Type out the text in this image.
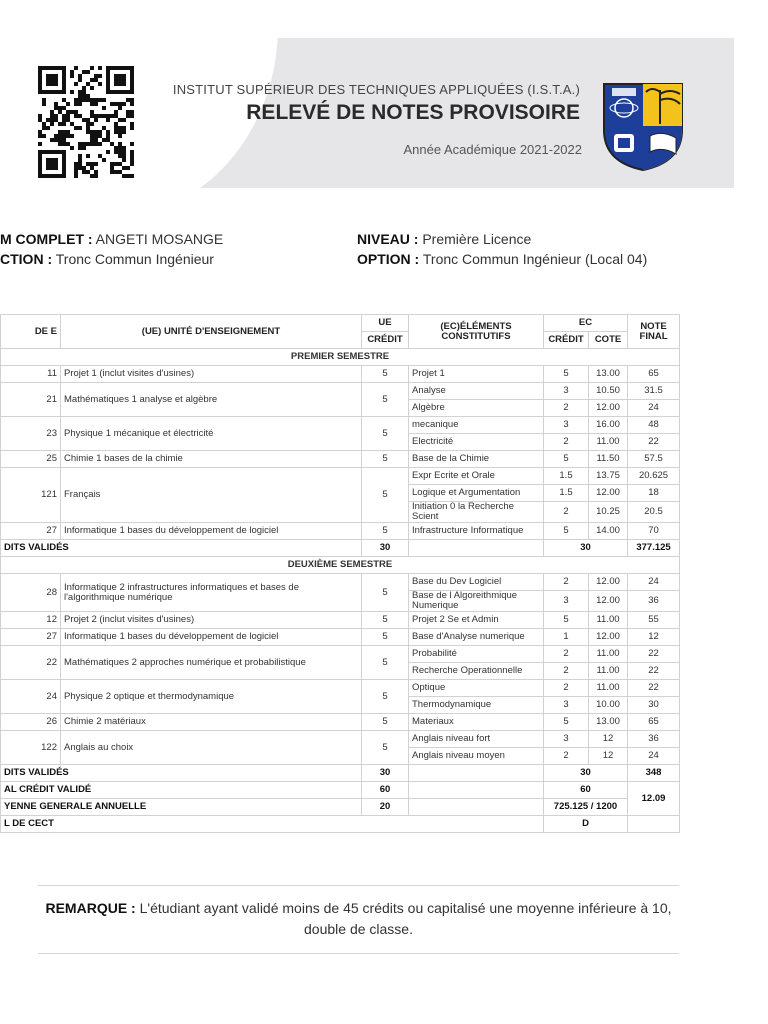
INSTITUT SUPÉRIEUR DES TECHNIQUES APPLIQUÉES (I.S.T.A.)
RELEVÉ DE NOTES PROVISOIRE
Année Académique 2021-2022
M COMPLET : ANGETI MOSANGE
CTION : Tronc Commun Ingénieur
NIVEAU : Première Licence
OPTION : Tronc Commun Ingénieur (Local 04)
DE E	(UE) UNITÉ D'ENSEIGNEMENT	UE	(EC)ÉLÉMENTS CONSTITUTIFS	EC		NOTE FINAL
		CRÉDIT		CRÉDIT	COTE	
PREMIER SEMESTRE						
11	Projet 1 (inclut visites d'usines)	5	Projet 1	5	13.00	65
21	Mathématiques 1 analyse et algèbre	5	Analyse	3	10.50	31.5
			Algèbre	2	12.00	24
23	Physique 1 mécanique et électricité	5	mecanique	3	16.00	48
			Electricité	2	11.00	22
25	Chimie 1 bases de la chimie	5	Base de la Chimie	5	11.50	57.5
121	Français	5	Expr Ecrite et Orale	1.5	13.75	20.625
			Logique et Argumentation	1.5	12.00	18
			Initiation 0 la Recherche Scient	2	10.25	20.5
27	Informatique 1 bases du développement de logiciel	5	Infrastructure Informatique	5	14.00	70
DITS VALIDÉS		30		30		377.125
DEUXIÈME SEMESTRE						
28	Informatique 2 infrastructures informatiques et bases de l'algorithmique numérique	5	Base du Dev Logiciel	2	12.00	24
			Base de l Algoreithmique Numerique	3	12.00	36
12	Projet 2 (inclut visites d'usines)	5	Projet 2 Se et Admin	5	11.00	55
27	Informatique 1 bases du développement de logiciel	5	Base d'Analyse numerique	1	12.00	12
22	Mathématiques 2 approches numérique et probabilistique	5	Probabilité	2	11.00	22
			Recherche Operationnelle	2	11.00	22
24	Physique 2 optique et thermodynamique	5	Optique	2	11.00	22
			Thermodynamique	3	10.00	30
26	Chimie 2 matériaux	5	Materiaux	5	13.00	65
122	Anglais au choix	5	Anglais niveau fort	3	12	36
			Anglais niveau moyen	2	12	24
DITS VALIDÉS		30		30		348
AL CRÉDIT VALIDÉ		60		60		12.09
YENNE GENERALE ANNUELLE		20		725.125 / 1200		
L DE CECT				D		
REMARQUE : L'étudiant ayant validé moins de 45 crédits ou capitalisé une moyenne inférieure à 10, double de classe.
